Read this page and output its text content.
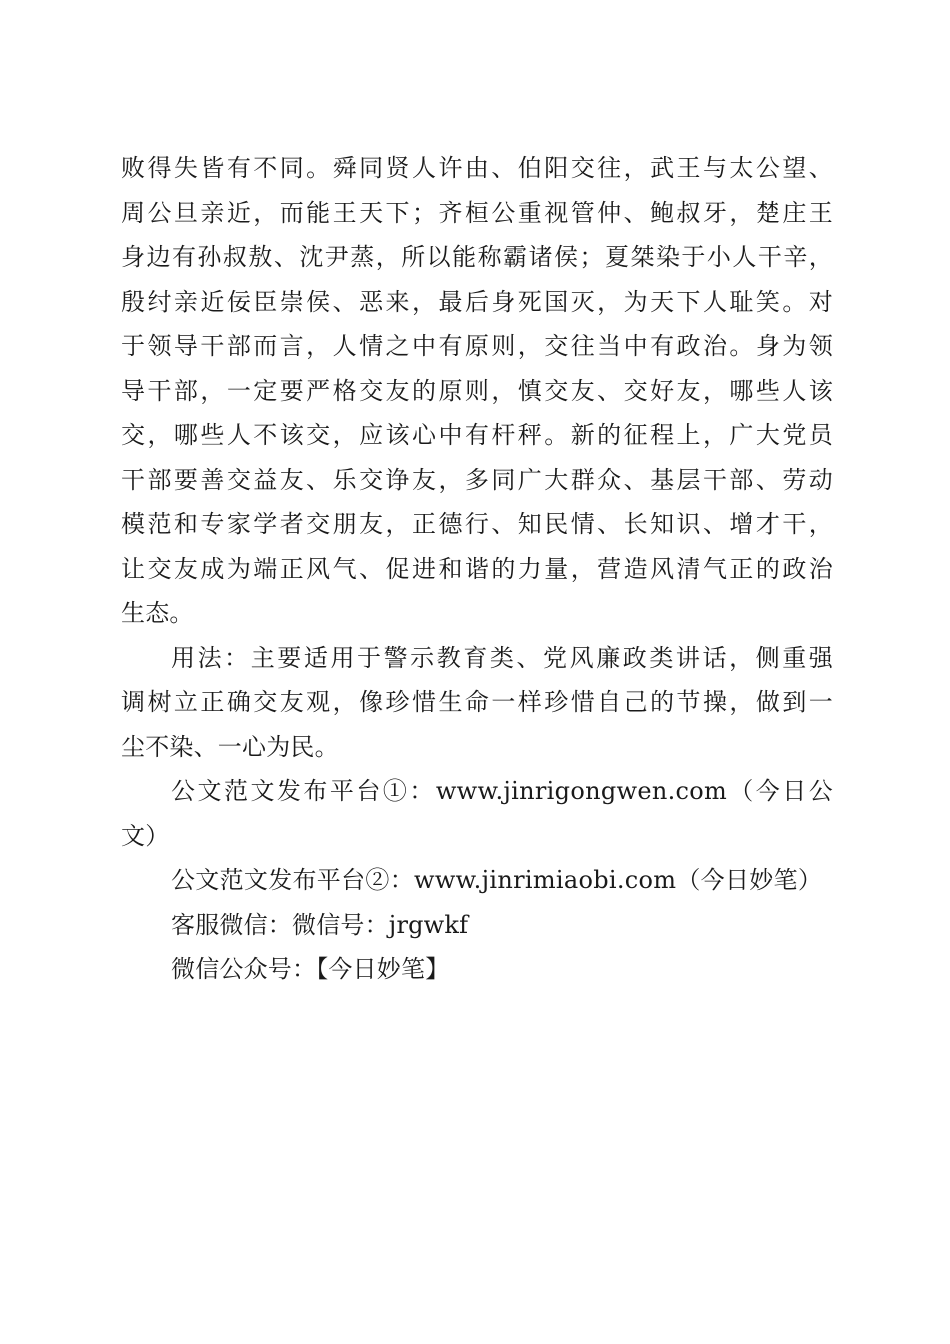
败得失皆有不同。舜同贤人许由、伯阳交往，武王与太公望、
周公旦亲近，而能王天下；齐桓公重视管仲、鲍叔牙，楚庄王
身边有孙叔敖、沈尹蒸，所以能称霸诸侯；夏桀染于小人干辛，
殷纣亲近佞臣崇侯、恶来，最后身死国灭，为天下人耻笑。对
于领导干部而言，人情之中有原则，交往当中有政治。身为领
导干部，一定要严格交友的原则，慎交友、交好友，哪些人该
交，哪些人不该交，应该心中有杆秤。新的征程上，广大党员
干部要善交益友、乐交诤友，多同广大群众、基层干部、劳动
模范和专家学者交朋友，正德行、知民情、长知识、增才干，
让交友成为端正风气、促进和谐的力量，营造风清气正的政治
生态。
用法：主要适用于警示教育类、党风廉政类讲话，侧重强
调树立正确交友观，像珍惜生命一样珍惜自己的节操，做到一
尘不染、一心为民。
公文范文发布平台①：www.jinrigongwen.com（今日公
文）
公文范文发布平台②：www.jinrimiaobi.com（今日妙笔）
客服微信：微信号：jrgwkf
微信公众号：【今日妙笔】
